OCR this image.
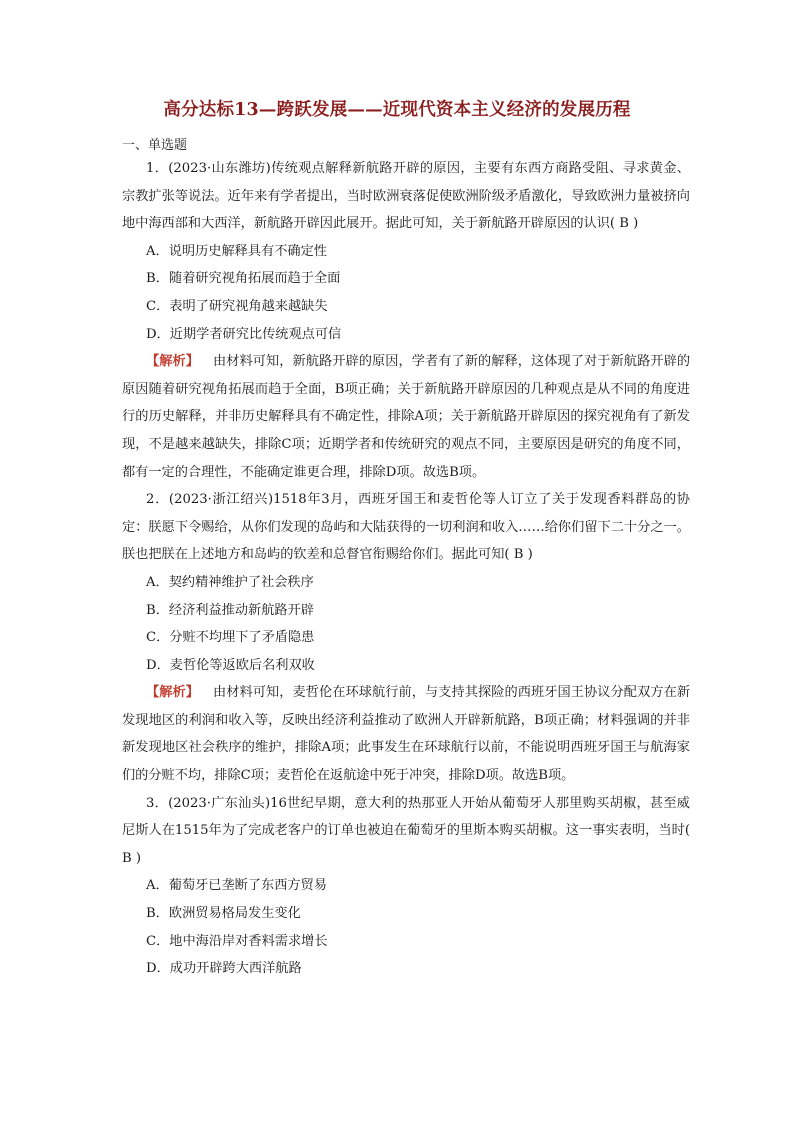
高分达标13—跨跃发展——近现代资本主义经济的发展历程
一、单选题

1．(2023·山东潍坊)传统观点解释新航路开辟的原因，主要有东西方商路受阻、寻求黄金、宗教扩张等说法。近年来有学者提出，当时欧洲衰落促使欧洲阶级矛盾激化，导致欧洲力量被挤向地中海西部和大西洋，新航路开辟因此展开。据此可知，关于新航路开辟原因的认识( B )

A．说明历史解释具有不确定性

B．随着研究视角拓展而趋于全面

C．表明了研究视角越来越缺失

D．近期学者研究比传统观点可信

【解析】 由材料可知，新航路开辟的原因，学者有了新的解释，这体现了对于新航路开辟的原因随着研究视角拓展而趋于全面，B项正确；关于新航路开辟原因的几种观点是从不同的角度进行的历史解释，并非历史解释具有不确定性，排除A项；关于新航路开辟原因的探究视角有了新发现，不是越来越缺失，排除C项；近期学者和传统研究的观点不同，主要原因是研究的角度不同，都有一定的合理性，不能确定谁更合理，排除D项。故选B项。

2．(2023·浙江绍兴)1518年3月，西班牙国王和麦哲伦等人订立了关于发现香料群岛的协定：朕愿下令赐给，从你们发现的岛屿和大陆获得的一切利润和收入……给你们留下二十分之一。朕也把朕在上述地方和岛屿的钦差和总督官衔赐给你们。据此可知( B )

A．契约精神维护了社会秩序

B．经济利益推动新航路开辟

C．分赃不均埋下了矛盾隐患

D．麦哲伦等返欧后名利双收

【解析】 由材料可知，麦哲伦在环球航行前，与支持其探险的西班牙国王协议分配双方在新发现地区的利润和收入等，反映出经济利益推动了欧洲人开辟新航路，B项正确；材料强调的并非新发现地区社会秩序的维护，排除A项；此事发生在环球航行以前，不能说明西班牙国王与航海家们的分赃不均，排除C项；麦哲伦在返航途中死于冲突，排除D项。故选B项。

3．(2023·广东汕头)16世纪早期，意大利的热那亚人开始从葡萄牙人那里购买胡椒，甚至威尼斯人在1515年为了完成老客户的订单也被迫在葡萄牙的里斯本购买胡椒。这一事实表明，当时( B )

A．葡萄牙已垄断了东西方贸易

B．欧洲贸易格局发生变化

C．地中海沿岸对香料需求增长

D．成功开辟跨大西洋航路
